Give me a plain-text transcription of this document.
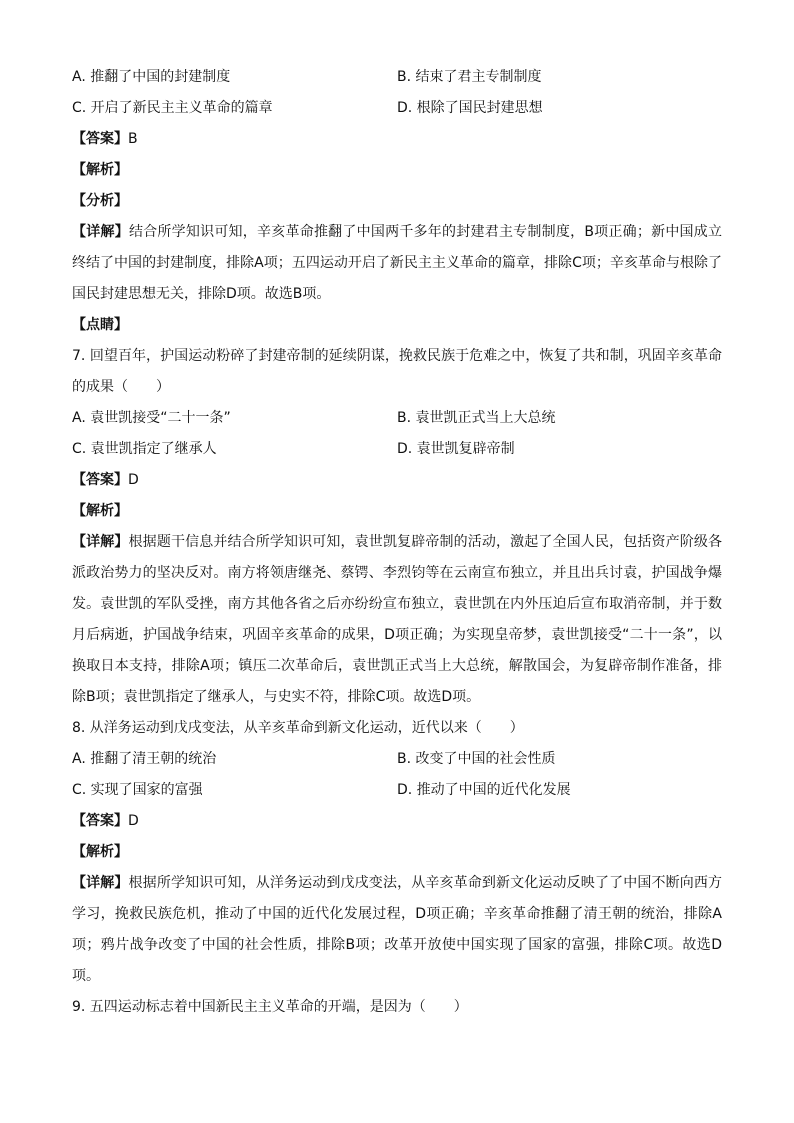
A. 推翻了中国的封建制度	B. 结束了君主专制制度
C. 开启了新民主主义革命的篇章	D. 根除了国民封建思想
【答案】B
【解析】
【分析】
【详解】结合所学知识可知，辛亥革命推翻了中国两千多年的封建君主专制制度，B项正确；新中国成立终结了中国的封建制度，排除A项；五四运动开启了新民主主义革命的篇章，排除C项；辛亥革命与根除了国民封建思想无关，排除D项。故选B项。
【点睛】
7. 回望百年，护国运动粉碎了封建帝制的延续阴谋，挽救民族于危难之中，恢复了共和制，巩固辛亥革命的成果（　　）
A. 袁世凯接受“二十一条”	B. 袁世凯正式当上大总统
C. 袁世凯指定了继承人	D. 袁世凯复辟帝制
【答案】D
【解析】
【详解】根据题干信息并结合所学知识可知，袁世凯复辟帝制的活动，激起了全国人民，包括资产阶级各派政治势力的坚决反对。南方将领唐继尧、蔡锷、李烈钧等在云南宣布独立，并且出兵讨袁，护国战争爆发。袁世凯的军队受挫，南方其他各省之后亦纷纷宣布独立，袁世凯在内外压迫后宣布取消帝制，并于数月后病逝，护国战争结束，巩固辛亥革命的成果，D项正确；为实现皇帝梦，袁世凯接受“二十一条”，以换取日本支持，排除A项；镇压二次革命后，袁世凯正式当上大总统，解散国会，为复辟帝制作准备，排除B项；袁世凯指定了继承人，与史实不符，排除C项。故选D项。
8. 从洋务运动到戊戌变法，从辛亥革命到新文化运动，近代以来（　　）
A. 推翻了清王朝的统治	B. 改变了中国的社会性质
C. 实现了国家的富强	D. 推动了中国的近代化发展
【答案】D
【解析】
【详解】根据所学知识可知，从洋务运动到戊戌变法，从辛亥革命到新文化运动反映了了中国不断向西方学习，挽救民族危机，推动了中国的近代化发展过程，D项正确；辛亥革命推翻了清王朝的统治，排除A项；鸦片战争改变了中国的社会性质，排除B项；改革开放使中国实现了国家的富强，排除C项。故选D项。
9. 五四运动标志着中国新民主主义革命的开端，是因为（　　）
